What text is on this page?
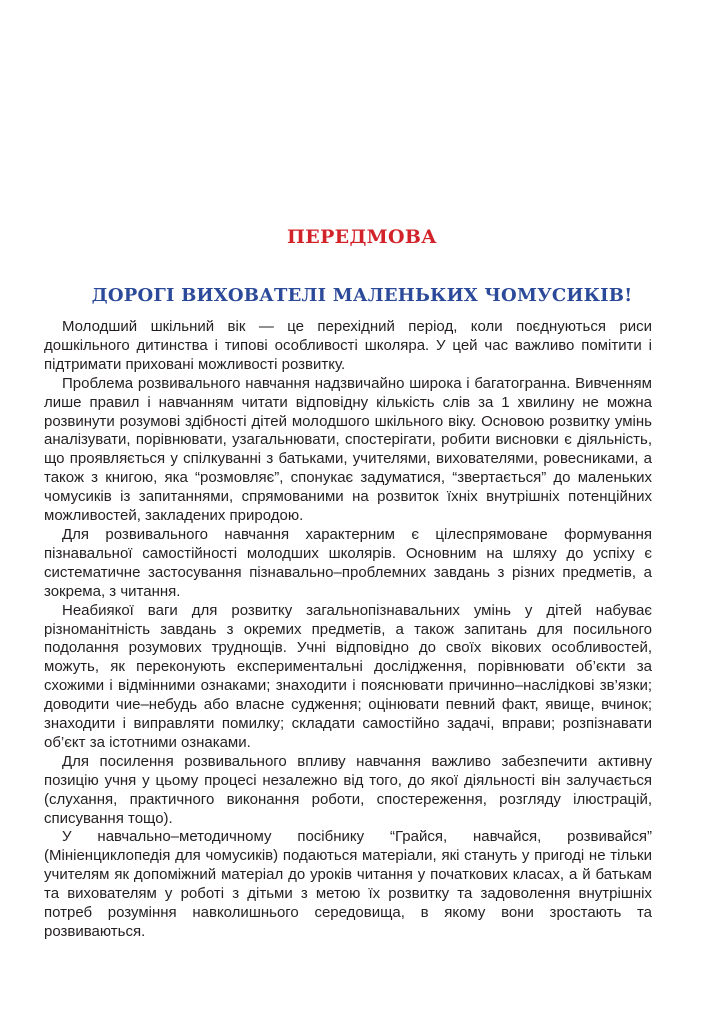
ПЕРЕДМОВА
ДОРОГІ ВИХОВАТЕЛІ МАЛЕНЬКИХ ЧОМУСИКІВ!

Молодший шкільний вік — це перехідний період, коли поєднуються риси дошкільного дитинства і типові особливості школяра. У цей час важливо помітити і підтримати приховані можливості розвитку.

Проблема розвивального навчання надзвичайно широка і багатогранна. Вивченням лише правил і навчанням читати відповідну кількість слів за 1 хвилину не можна розвинути розумові здібності дітей молодшого шкільного віку. Основою розвитку умінь аналізувати, порівнювати, узагальнювати, спостерігати, робити висновки є діяльність, що проявляється у спілкуванні з батьками, учителями, вихователями, ровесниками, а також з книгою, яка “розмовляє”, спонукає задуматися, “звертається” до маленьких чомусиків із запитаннями, спрямованими на розвиток їхніх внутрішніх потенційних можливостей, закладених природою.

Для розвивального навчання характерним є цілеспрямоване формування пізнавальної самостійності молодших школярів. Основним на шляху до успіху є систематичне застосування пізнавально–проблемних завдань з різних предметів, а зокрема, з читання.

Неабиякої ваги для розвитку загальнопізнавальних умінь у дітей набуває різноманітність завдань з окремих предметів, а також запитань для посильного подолання розумових труднощів. Учні відповідно до своїх вікових особливостей, можуть, як переконують експериментальні дослідження, порівнювати об’єкти за схожими і відмінними ознаками; знаходити і пояснювати причинно–наслідкові зв’язки; доводити чие–небудь або власне судження; оцінювати певний факт, явище, вчинок; знаходити і виправляти помилку; складати самостійно задачі, вправи; розпізнавати об’єкт за істотними ознаками.

Для посилення розвивального впливу навчання важливо забезпечити активну позицію учня у цьому процесі незалежно від того, до якої діяльності він залучається (слухання, практичного виконання роботи, спостереження, розгляду ілюстрацій, списування тощо).

У навчально–методичному посібнику “Грайся, навчайся, розвивайся” (Мініенциклопедія для чомусиків) подаються матеріали, які стануть у пригоді не тільки учителям як допоміжний матеріал до уроків читання у початкових класах, а й батькам та вихователям у роботі з дітьми з метою їх розвитку та задоволення внутрішніх потреб розуміння навколишнього середовища, в якому вони зростають та розвиваються.
